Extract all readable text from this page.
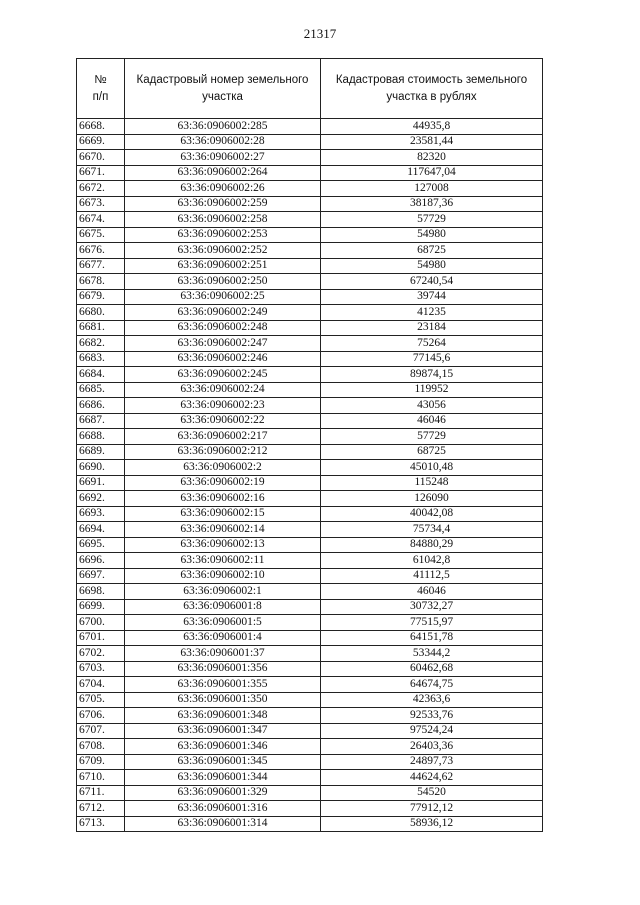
21317
№
п/п	Кадастровый номер земельного участка	Кадастровая стоимость земельного участка в рублях
6668.	63:36:0906002:285	44935,8
6669.	63:36:0906002:28	23581,44
6670.	63:36:0906002:27	82320
6671.	63:36:0906002:264	117647,04
6672.	63:36:0906002:26	127008
6673.	63:36:0906002:259	38187,36
6674.	63:36:0906002:258	57729
6675.	63:36:0906002:253	54980
6676.	63:36:0906002:252	68725
6677.	63:36:0906002:251	54980
6678.	63:36:0906002:250	67240,54
6679.	63:36:0906002:25	39744
6680.	63:36:0906002:249	41235
6681.	63:36:0906002:248	23184
6682.	63:36:0906002:247	75264
6683.	63:36:0906002:246	77145,6
6684.	63:36:0906002:245	89874,15
6685.	63:36:0906002:24	119952
6686.	63:36:0906002:23	43056
6687.	63:36:0906002:22	46046
6688.	63:36:0906002:217	57729
6689.	63:36:0906002:212	68725
6690.	63:36:0906002:2	45010,48
6691.	63:36:0906002:19	115248
6692.	63:36:0906002:16	126090
6693.	63:36:0906002:15	40042,08
6694.	63:36:0906002:14	75734,4
6695.	63:36:0906002:13	84880,29
6696.	63:36:0906002:11	61042,8
6697.	63:36:0906002:10	41112,5
6698.	63:36:0906002:1	46046
6699.	63:36:0906001:8	30732,27
6700.	63:36:0906001:5	77515,97
6701.	63:36:0906001:4	64151,78
6702.	63:36:0906001:37	53344,2
6703.	63:36:0906001:356	60462,68
6704.	63:36:0906001:355	64674,75
6705.	63:36:0906001:350	42363,6
6706.	63:36:0906001:348	92533,76
6707.	63:36:0906001:347	97524,24
6708.	63:36:0906001:346	26403,36
6709.	63:36:0906001:345	24897,73
6710.	63:36:0906001:344	44624,62
6711.	63:36:0906001:329	54520
6712.	63:36:0906001:316	77912,12
6713.	63:36:0906001:314	58936,12
